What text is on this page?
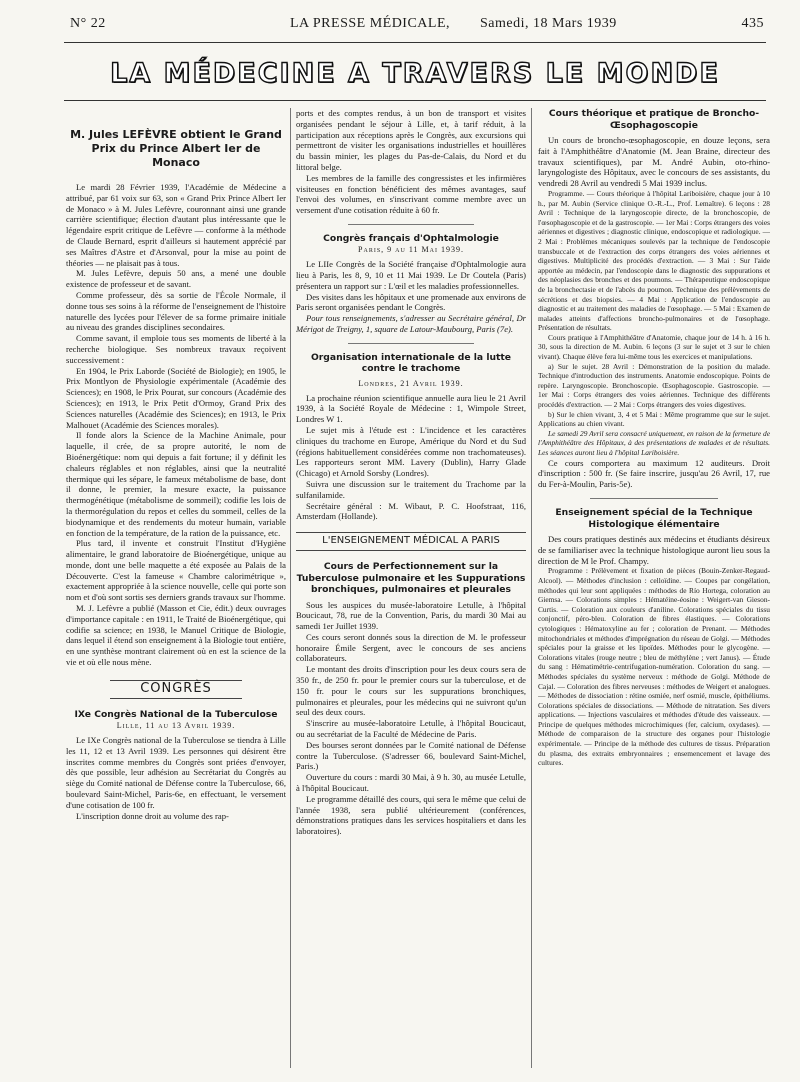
N° 22	LA PRESSE MÉDICALE, Samedi, 18 Mars 1939	435
LA MÉDECINE A TRAVERS LE MONDE
M. Jules LEFÈVRE obtient le Grand Prix du Prince Albert Ier de Monaco

Le mardi 28 Février 1939, l'Académie de Médecine a attribué, par 61 voix sur 63, son « Grand Prix Prince Albert Ier de Monaco » à M. Jules Lefèvre, couronnant ainsi une grande carrière scientifique; élection d'autant plus intéressante que le légendaire esprit critique de Lefèvre — conforme à la méthode de Claude Bernard, esprit d'ailleurs si hautement apprécié par ses Maîtres d'Astre et d'Arsonval, pour la mise au point de théories — ne plaisait pas à tous.

M. Jules Lefèvre, depuis 50 ans, a mené une double existence de professeur et de savant.

Comme professeur, dès sa sortie de l'École Normale, il donne tous ses soins à la réforme de l'enseignement de l'histoire naturelle des lycées pour l'élever de sa forme primaire initiale au niveau des grandes disciplines secondaires.

Comme savant, il emploie tous ses moments de liberté à la recherche biologique. Ses nombreux travaux reçoivent successivement :

En 1904, le Prix Laborde (Société de Biologie); en 1905, le Prix Montlyon de Physiologie expérimentale (Académie des Sciences); en 1908, le Prix Pourat, sur concours (Académie des Sciences); en 1913, le Prix Petit d'Ormoy, Grand Prix des Sciences naturelles (Académie des Sciences); en 1913, le Prix Malhouet (Académie des Sciences morales).

Il fonde alors la Science de la Machine Animale, pour laquelle, il crée, de sa propre autorité, le nom de Bioénergétique: nom qui depuis a fait fortune; il y définit les chaleurs réglables et non réglables, ainsi que la neutralité thermique qui les sépare, le fameux métabolisme de base, dont il donne, le premier, la mesure exacte, la puissance thermogénétique (métabolisme de sommeil); codifie les lois de la thermorégulation du repos et celles du sommeil, celles de la biodynamique et des rendements du moteur humain, variable en fonction de la température, de la ration de la puissance, etc.

Plus tard, il invente et construit l'Institut d'Hygiène alimentaire, le grand laboratoire de Bioénergétique, unique au monde, dont une belle maquette a été exposée au Palais de la Découverte. C'est la fameuse « Chambre calorimétrique », exactement appropriée à la science nouvelle, celle qui porte son nom et d'où sont sortis ses derniers grands travaux sur l'homme.

M. J. Lefèvre a publié (Masson et Cie, édit.) deux ouvrages d'importance capitale : en 1911, le Traité de Bioénergétique, qui codifie sa science; en 1938, le Manuel Critique de Biologie, dans lequel il étend son enseignement à la Biologie tout entière, en une synthèse montrant clairement où en est la science de la vie et où elle nous mène.

CONGRÈS
IXe Congrès National de la Tuberculose

Lille, 11 au 13 Avril 1939.

Le IXe Congrès national de la Tuberculose se tiendra à Lille les 11, 12 et 13 Avril 1939. Les personnes qui désirent être inscrites comme membres du Congrès sont priées d'envoyer, dès que possible, leur adhésion au Secrétariat du Congrès au siège du Comité national de Défense contre la Tuberculose, 66, boulevard Saint-Michel, Paris-6e, en effectuant, le versement d'une cotisation de 100 fr.

L'inscription donne droit au volume des rap-

ports et des comptes rendus, à un bon de transport et visites organisées pendant le séjour à Lille, et, à tarif réduit, à la participation aux réceptions après le Congrès, aux excursions qui permettront de visiter les organisations industrielles et houillères du bassin minier, les plages du Pas-de-Calais, du Nord et du littoral belge.

Les membres de la famille des congressistes et les infirmières visiteuses en fonction bénéficient des mêmes avantages, sauf l'envoi des volumes, en s'inscrivant comme membre avec un versement d'une cotisation réduite à 60 fr.

Congrès français d'Ophtalmologie

Paris, 9 au 11 Mai 1939.

Le LIIe Congrès de la Société française d'Ophtalmologie aura lieu à Paris, les 8, 9, 10 et 11 Mai 1939. Le Dr Coutela (Paris) présentera un rapport sur : L'œil et les maladies professionnelles.

Des visites dans les hôpitaux et une promenade aux environs de Paris seront organisées pendant le Congrès.

Pour tous renseignements, s'adresser au Secrétaire général, Dr Mérigot de Treigny, 1, square de Latour-Maubourg, Paris (7e).

Organisation internationale de la lutte contre le trachome

Londres, 21 Avril 1939.

La prochaine réunion scientifique annuelle aura lieu le 21 Avril 1939, à la Société Royale de Médecine : 1, Wimpole Street, Londres W 1.

Le sujet mis à l'étude est : L'incidence et les caractères cliniques du trachome en Europe, Amérique du Nord et du Sud (régions habituellement considérées comme non trachomateuses). Les rapporteurs seront MM. Lavery (Dublin), Harry Glade (Chicago) et Arnold Sorsby (Londres).

Suivra une discussion sur le traitement du Trachome par la sulfanilamide.

Secrétaire général : M. Wibaut, P. C. Hoofstraat, 116, Amsterdam (Hollande).

L'ENSEIGNEMENT MÉDICAL A PARIS
Cours de Perfectionnement sur la Tuberculose pulmonaire et les Suppurations bronchiques, pulmonaires et pleurales

Sous les auspices du musée-laboratoire Letulle, à l'hôpital Boucicaut, 78, rue de la Convention, Paris, du mardi 30 Mai au samedi 1er Juillet 1939.

Ces cours seront donnés sous la direction de M. le professeur honoraire Émile Sergent, avec le concours de ses anciens collaborateurs.

Le montant des droits d'inscription pour les deux cours sera de 350 fr., de 250 fr. pour le premier cours sur la tuberculose, et de 150 fr. pour le cours sur les suppurations bronchiques, pulmonaires et pleurales, pour les médecins qui ne suivront qu'un seul des deux cours.

S'inscrire au musée-laboratoire Letulle, à l'hôpital Boucicaut, ou au secrétariat de la Faculté de Médecine de Paris.

Des bourses seront données par le Comité national de Défense contre la Tuberculose. (S'adresser 66, boulevard Saint-Michel, Paris.)

Ouverture du cours : mardi 30 Mai, à 9 h. 30, au musée Letulle, à l'hôpital Boucicaut.

Le programme détaillé des cours, qui sera le même que celui de l'année 1938, sera publié ultérieurement (conférences, démonstrations pratiques dans les services hospitaliers et dans les laboratoires).

Cours théorique et pratique de Broncho-Œsophagoscopie

Un cours de broncho-œsophagoscopie, en douze leçons, sera fait à l'Amphithéâtre d'Anatomie (M. Jean Braine, directeur des travaux scientifiques), par M. André Aubin, oto-rhino-laryngologiste des Hôpitaux, avec le concours de ses assistants, du vendredi 28 Avril au vendredi 5 Mai 1939 inclus.

Programme. — Cours théorique à l'hôpital Lariboisière, chaque jour à 10 h., par M. Aubin (Service clinique O.-R.-L., Prof. Lemaître). 6 leçons : 28 Avril : Technique de la laryngoscopie directe, de la bronchoscopie, de l'œsophagoscopie et de la gastroscopie. — 1er Mai : Corps étrangers des voies aériennes et digestives ; diagnostic clinique, endoscopique et radiologique. — 2 Mai : Problèmes mécaniques soulevés par la technique de l'endoscopie transbuccale et de l'extraction des corps étrangers des voies aériennes et digestives. Multiplicité des procédés d'extraction. — 3 Mai : Sur l'aide apportée au médecin, par l'endoscopie dans le diagnostic des suppurations et des néoplasies des bronches et des poumons. — Thérapeutique endoscopique de la bronchectasie et de l'abcès du poumon. Technique des prélèvements de sécrétions et des biopsies. — 4 Mai : Application de l'endoscopie au diagnostic et au traitement des maladies de l'œsophage. — 5 Mai : Examen de malades atteints d'affections broncho-pulmonaires et de l'œsophage. Présentation de résultats.

Cours pratique à l'Amphithéâtre d'Anatomie, chaque jour de 14 h. à 16 h. 30, sous la direction de M. Aubin. 6 leçons (3 sur le sujet et 3 sur le chien vivant). Chaque élève fera lui-même tous les exercices et manipulations.

a) Sur le sujet. 28 Avril : Démonstration de la position du malade. Technique d'introduction des instruments. Anatomie endoscopique. Points de repère. Laryngoscopie. Bronchoscopie. Œsophagoscopie. Gastroscopie. — 1er Mai : Corps étrangers des voies aériennes. Technique des différents procédés d'extraction. — 2 Mai : Corps étrangers des voies digestives.

b) Sur le chien vivant, 3, 4 et 5 Mai : Même programme que sur le sujet. Applications au chien vivant.

Le samedi 29 Avril sera consacré uniquement, en raison de la fermeture de l'Amphithéâtre des Hôpitaux, à des présentations de malades et de résultats. Les séances auront lieu à l'hôpital Lariboisière.

Ce cours comportera au maximum 12 auditeurs. Droit d'inscription : 500 fr. (Se faire inscrire, jusqu'au 26 Avril, 17, rue du Fer-à-Moulin, Paris-5e).

Enseignement spécial de la Technique Histologique élémentaire

Des cours pratiques destinés aux médecins et étudiants désireux de se familiariser avec la technique histologique auront lieu sous la direction de M le Prof. Champy.

Programme : Prélèvement et fixation de pièces (Bouin-Zenker-Regaud-Alcool). — Méthodes d'inclusion : celloïdine. — Coupes par congélation, méthodes qui leur sont appliquées : méthodes de Río Hortega, coloration au Giemsa. — Colorations simples : Hématéine-éosine : Weigert-van Gieson-Curtis. — Coloration aux couleurs d'aniline. Colorations spéciales du tissu conjonctif, péro-bleu. Coloration de fibres élastiques. — Colorations cytologiques : Hématoxyline au fer ; coloration de Prenant. — Méthodes mitochondriales et méthodes d'imprégnation du réseau de Golgi. — Méthodes spéciales pour la graisse et les lipoïdes. Méthodes pour le glycogène. — Colorations vitales (rouge neutre ; bleu de méthylène ; vert Janus). — Étude du sang : Hématimétrie-centrifugation-numération. Coloration du sang. — Méthodes spéciales du système nerveux : méthode de Golgi. Méthode de Cajal. — Coloration des fibres nerveuses : méthodes de Weigert et analogues. — Méthodes de dissociation : rétine osmiée, nerf osmié, muscle, épithéliums. Colorations spéciales de dissociations. — Méthode de nitratation. Ses divers applications. — Injections vasculaires et méthodes d'étude des vaisseaux. — Principe de quelques méthodes microchimiques (fer, calcium, oxydases). — Méthode de comparaison de la structure des organes pour l'histologie expérimentale. — Principe de la méthode des cultures de tissus. Préparation du plasma, des extraits embryonnaires ; ensemencement et lavage des cultures.
